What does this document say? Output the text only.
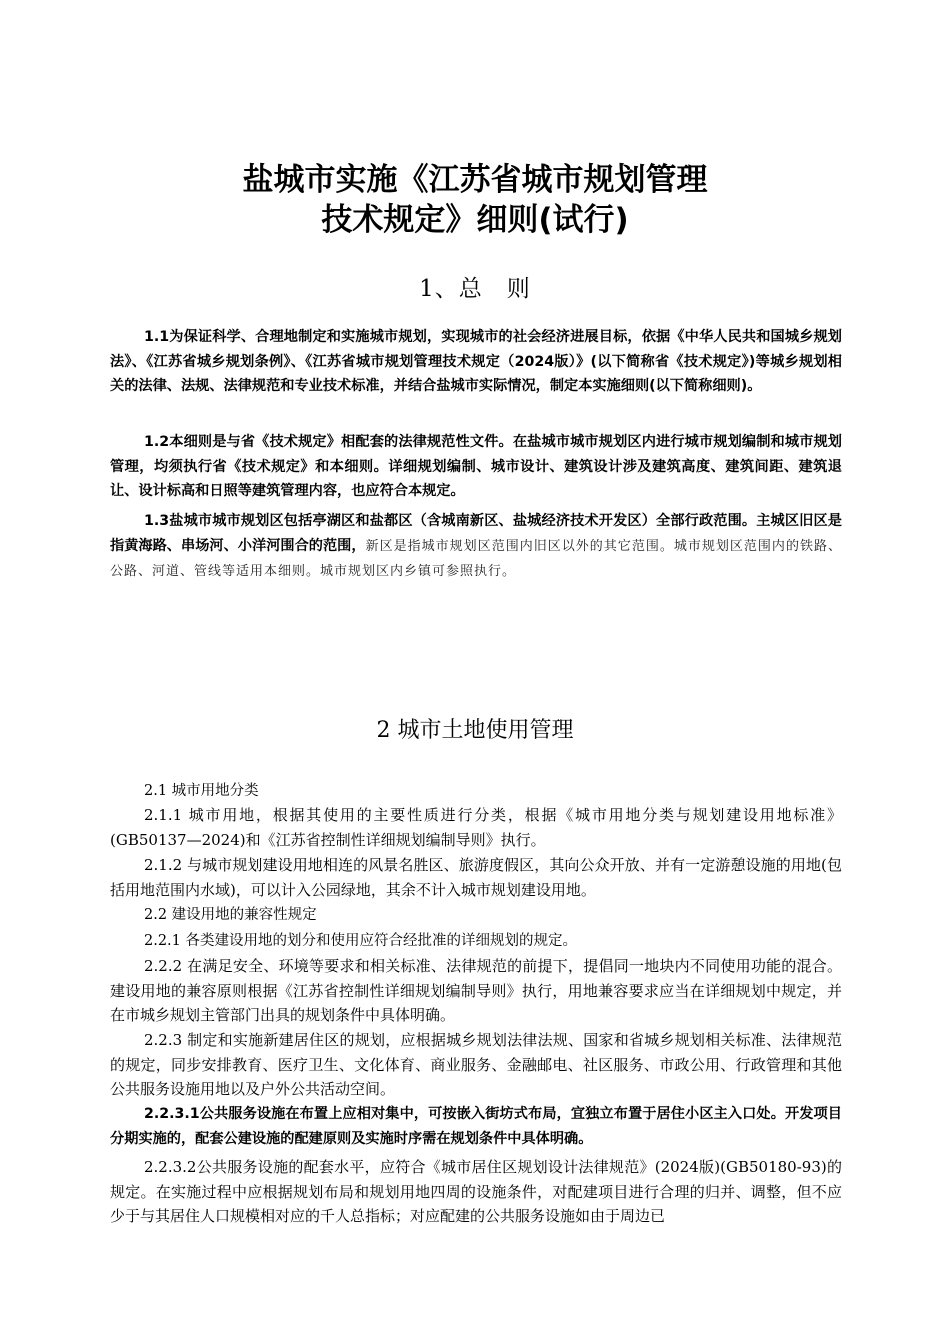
盐城市实施《江苏省城市规划管理
技术规定》细则(试行)
1、总　则

1.1为保证科学、合理地制定和实施城市规划，实现城市的社会经济进展目标，依据《中华人民共和国城乡规划法》、《江苏省城乡规划条例》、《江苏省城市规划管理技术规定（2024版）》(以下简称省《技术规定》)等城乡规划相关的法律、法规、法律规范和专业技术标准，并结合盐城市实际情况，制定本实施细则(以下简称细则)。

1.2本细则是与省《技术规定》相配套的法律规范性文件。在盐城市城市规划区内进行城市规划编制和城市规划管理，均须执行省《技术规定》和本细则。详细规划编制、城市设计、建筑设计涉及建筑高度、建筑间距、建筑退让、设计标高和日照等建筑管理内容，也应符合本规定。

1.3盐城市城市规划区包括亭湖区和盐都区（含城南新区、盐城经济技术开发区）全部行政范围。主城区旧区是指黄海路、串场河、小洋河围合的范围，新区是指城市规划区范围内旧区以外的其它范围。城市规划区范围内的铁路、公路、河道、管线等适用本细则。城市规划区内乡镇可参照执行。

2 城市土地使用管理

2.1 城市用地分类

2.1.1 城市用地，根据其使用的主要性质进行分类，根据《城市用地分类与规划建设用地标准》(GB50137—2024)和《江苏省控制性详细规划编制导则》执行。

2.1.2 与城市规划建设用地相连的风景名胜区、旅游度假区，其向公众开放、并有一定游憩设施的用地(包括用地范围内水域)，可以计入公园绿地，其余不计入城市规划建设用地。

2.2 建设用地的兼容性规定

2.2.1 各类建设用地的划分和使用应符合经批准的详细规划的规定。

2.2.2 在满足安全、环境等要求和相关标准、法律规范的前提下，提倡同一地块内不同使用功能的混合。建设用地的兼容原则根据《江苏省控制性详细规划编制导则》执行，用地兼容要求应当在详细规划中规定，并在市城乡规划主管部门出具的规划条件中具体明确。

2.2.3 制定和实施新建居住区的规划，应根据城乡规划法律法规、国家和省城乡规划相关标准、法律规范的规定，同步安排教育、医疗卫生、文化体育、商业服务、金融邮电、社区服务、市政公用、行政管理和其他公共服务设施用地以及户外公共活动空间。

2.2.3.1公共服务设施在布置上应相对集中，可按嵌入街坊式布局，宜独立布置于居住小区主入口处。开发项目分期实施的，配套公建设施的配建原则及实施时序需在规划条件中具体明确。

2.2.3.2公共服务设施的配套水平，应符合《城市居住区规划设计法律规范》(2024版)(GB50180-93)的规定。在实施过程中应根据规划布局和规划用地四周的设施条件，对配建项目进行合理的归并、调整，但不应少于与其居住人口规模相对应的千人总指标；对应配建的公共服务设施如由于周边已
